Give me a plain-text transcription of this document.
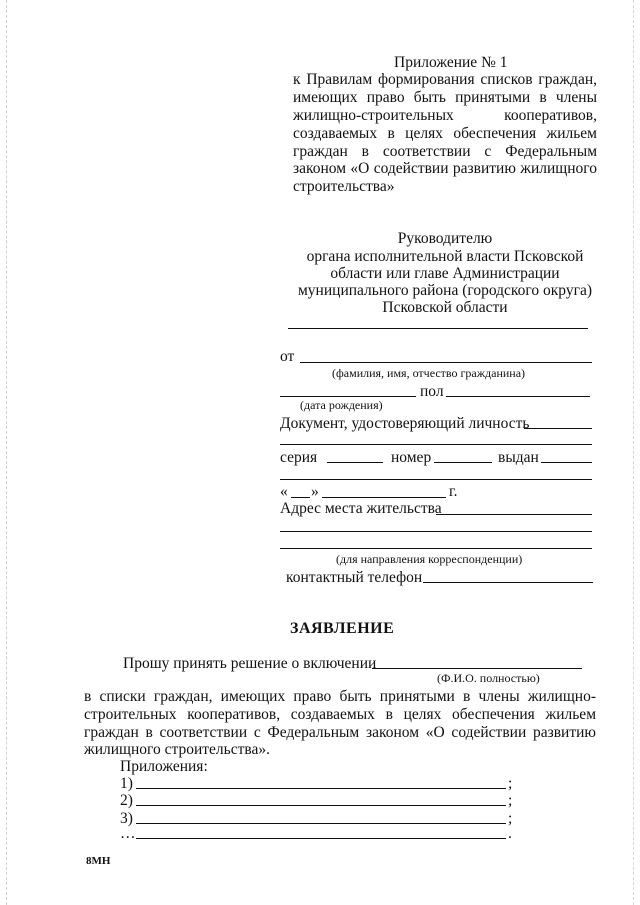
Приложение № 1
к Правилам формирования списков граждан,
имеющих право быть принятыми в члены
жилищно-строительных кооперативов,
создаваемых в целях обеспечения жильем
граждан в соответствии с Федеральным
законом «О содействии развитию жилищного
строительства»
Руководителю
органа исполнительной власти Псковской
области или главе Администрации
муниципального района (городского округа)
Псковской области
от
(фамилия, имя, отчество гражданина)
пол
(дата рождения)
Документ, удостоверяющий личность
серия	номер	выдан
« »	г.
Адрес места жительства
(для направления корреспонденции)
контактный телефон
ЗАЯВЛЕНИЕ
Прошу принять решение о включении
(Ф.И.О. полностью)
в списки граждан, имеющих право быть принятыми в члены жилищно-
строительных кооперативов, создаваемых в целях обеспечения жильем
граждан в соответствии с Федеральным законом «О содействии развитию
жилищного строительства».
Приложения:
1)	;
2)	;
3)	;
…	.
8МН
